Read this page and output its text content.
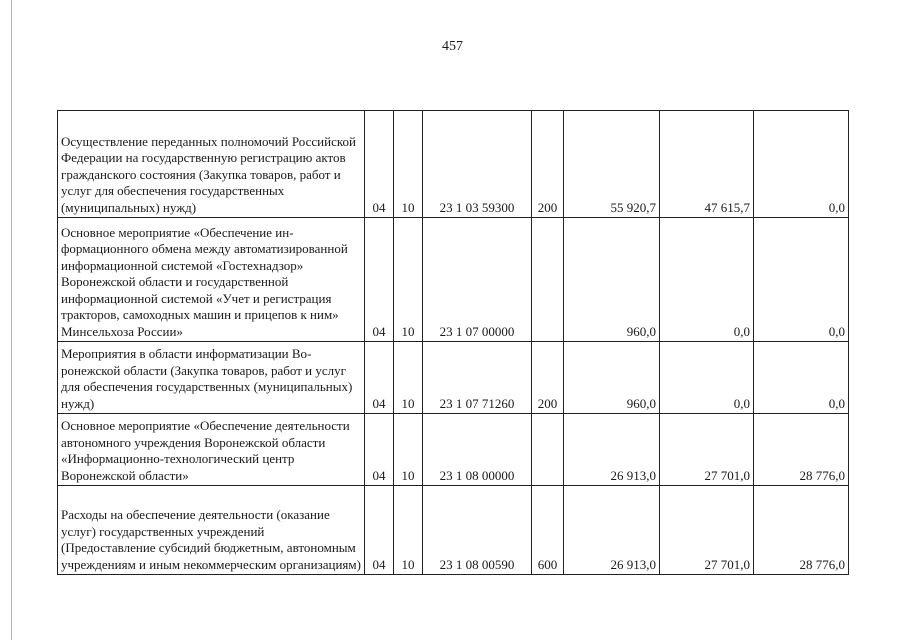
457
Осуществление переданных полномочий Российской Федерации на государственную регистрацию актов гражданского состояния (Закупка товаров, работ и услуг для обеспечения государственных (муниципальных) нужд)	04	10	23 1 03 59300	200	55 920,7	47 615,7	0,0
Основное мероприятие «Обеспечение информационного обмена между автоматизированной информационной системой «Гостехнадзор» Воронежской области и государственной информационной системой «Учет и регистрация тракторов, самоходных машин и прицепов к ним» Минсельхоза России»	04	10	23 1 07 00000		960,0	0,0	0,0
Мероприятия в области информатизации Воронежской области (Закупка товаров, работ и услуг для обеспечения государственных (муниципальных) нужд)	04	10	23 1 07 71260	200	960,0	0,0	0,0
Основное мероприятие «Обеспечение деятельности автономного учреждения Воронежской области «Информационно-технологический центр Воронежской области»	04	10	23 1 08 00000		26 913,0	27 701,0	28 776,0
Расходы на обеспечение деятельности (оказание услуг) государственных учреждений (Предоставление субсидий бюджетным, автономным учреждениям и иным некоммерческим организациям)	04	10	23 1 08 00590	600	26 913,0	27 701,0	28 776,0
